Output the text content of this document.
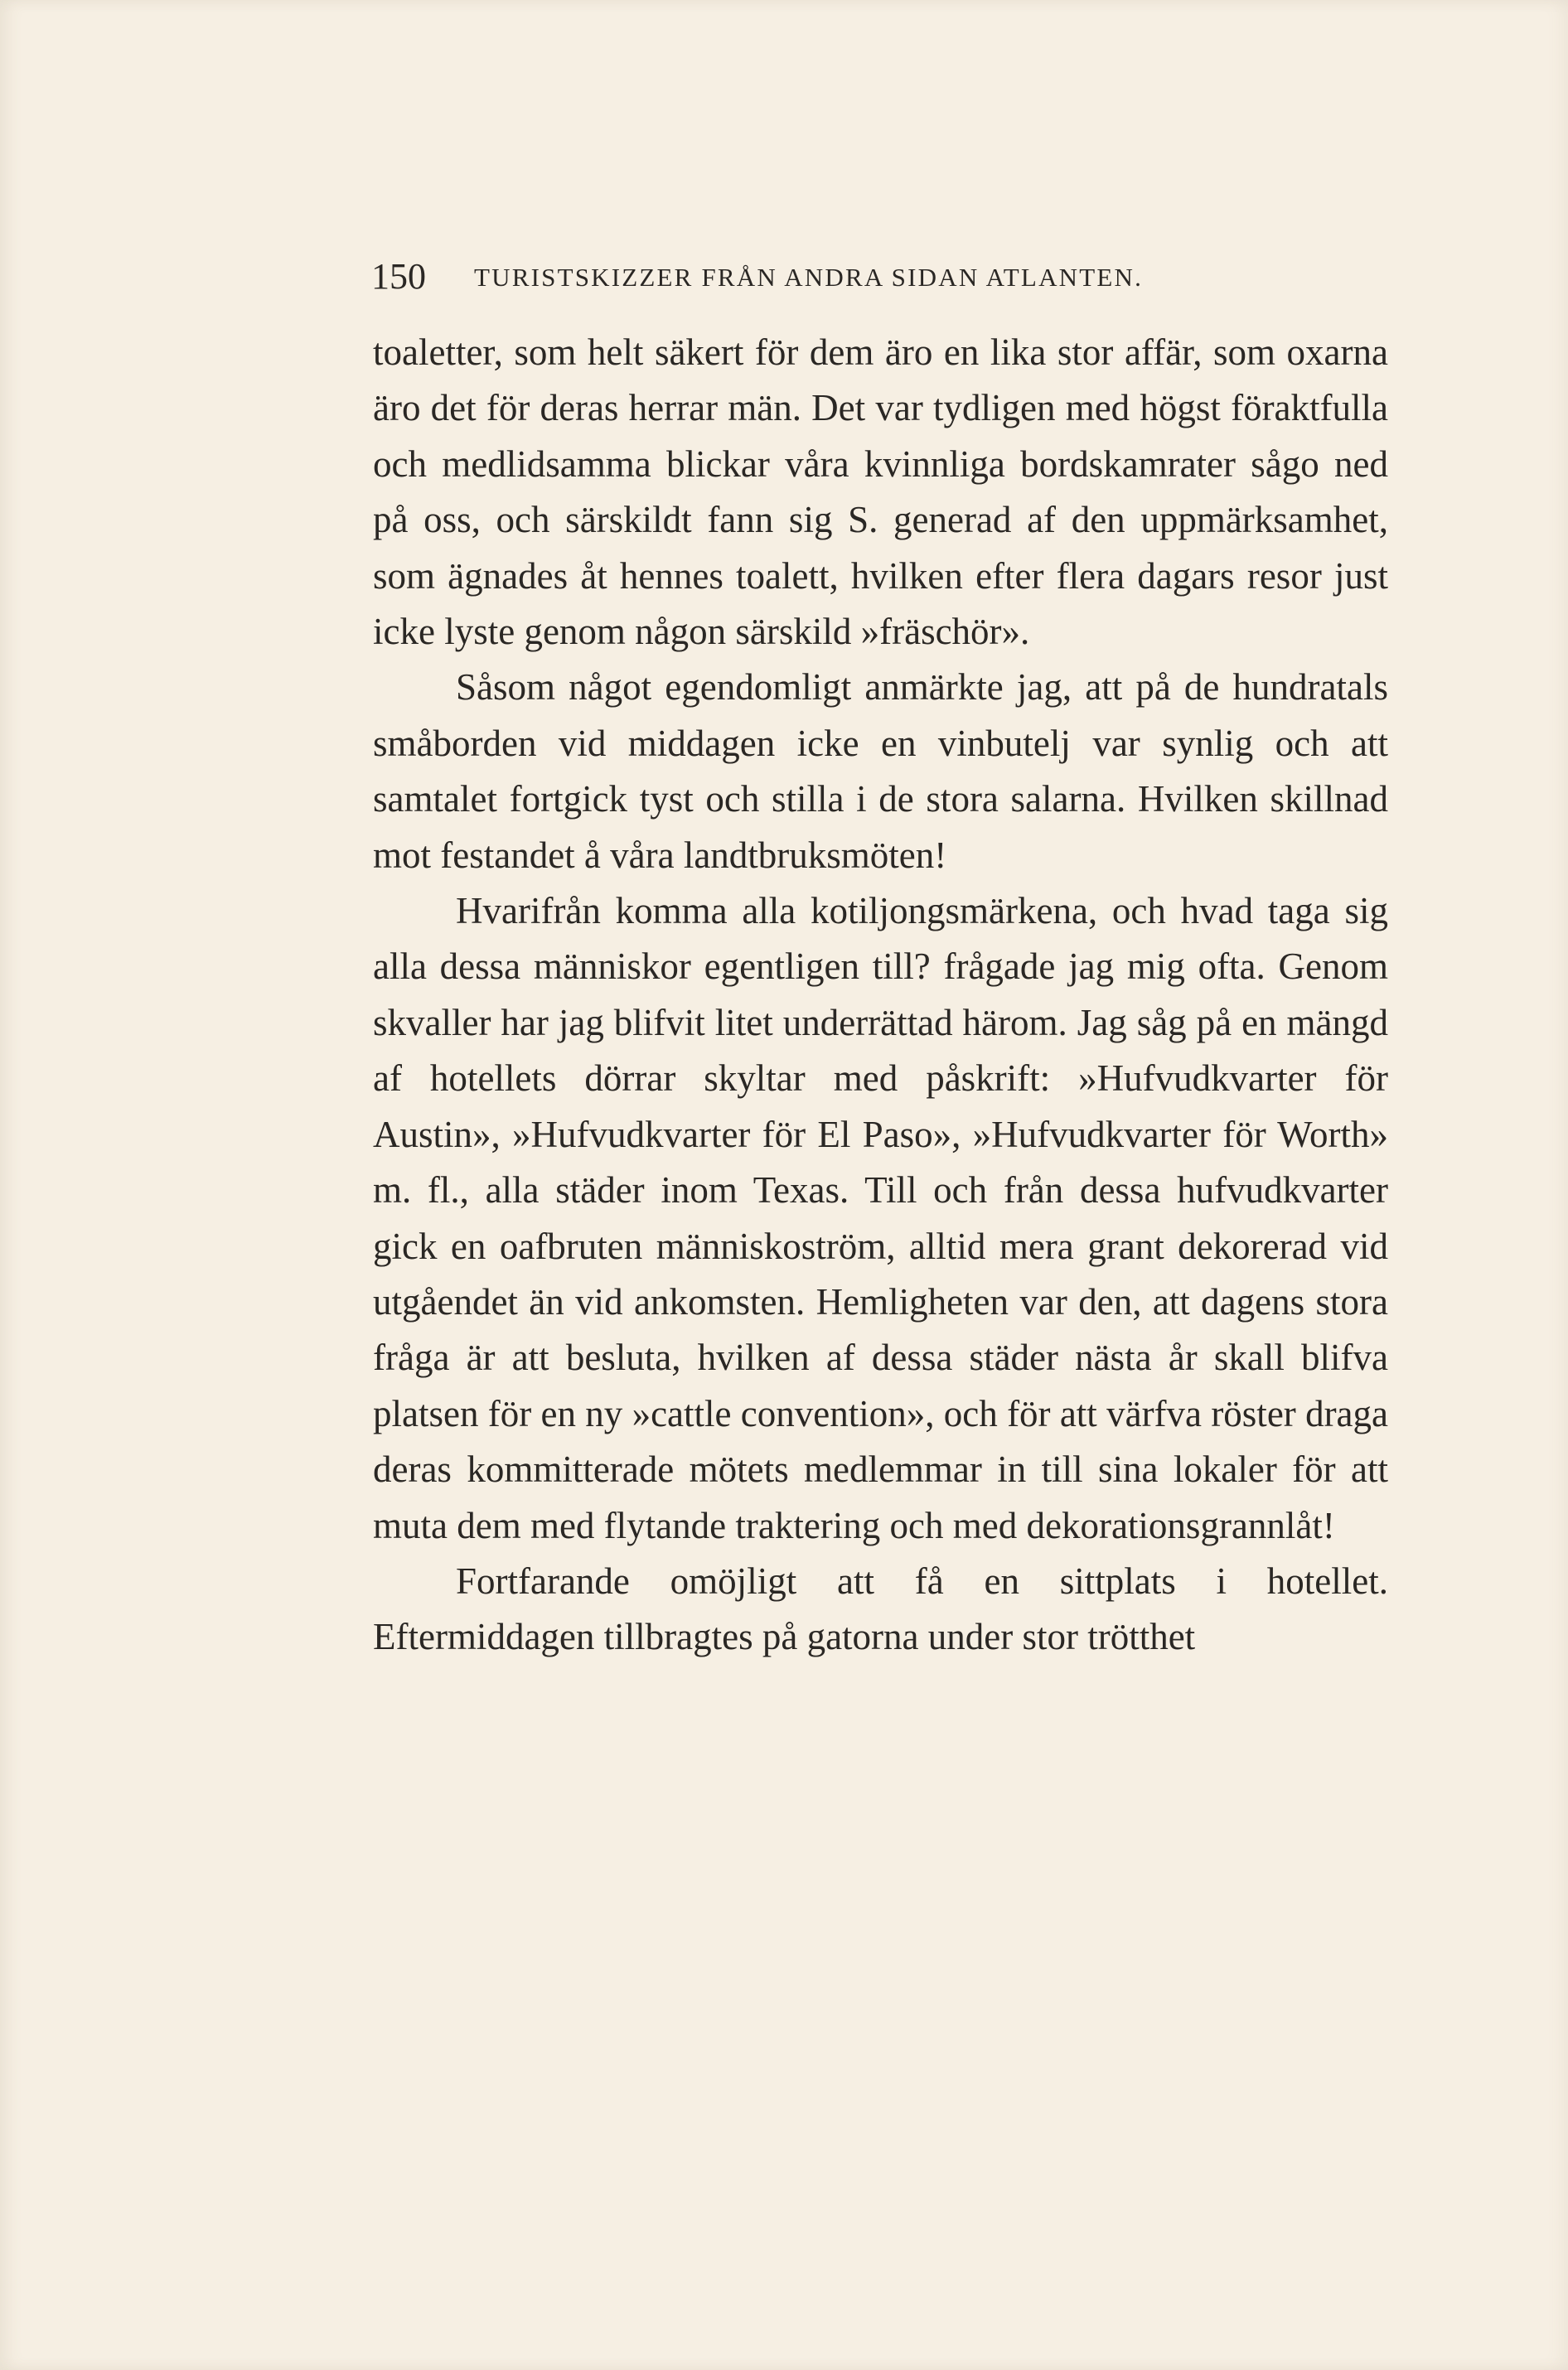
150 TURISTSKIZZER FRÅN ANDRA SIDAN ATLANTEN.

toaletter, som helt säkert för dem äro en lika stor affär, som oxarna äro det för deras herrar män. Det var tydligen med högst föraktfulla och medlidsamma blickar våra kvinnliga bordskamrater sågo ned på oss, och särskildt fann sig S. generad af den uppmärksamhet, som ägnades åt hennes toalett, hvilken efter flera dagars resor just icke lyste genom någon särskild »fräschör».

Såsom något egendomligt anmärkte jag, att på de hundratals småborden vid middagen icke en vinbutelj var synlig och att samtalet fortgick tyst och stilla i de stora salarna. Hvilken skillnad mot festandet å våra landtbruksmöten!

Hvarifrån komma alla kotiljongsmärkena, och hvad taga sig alla dessa människor egentligen till? frågade jag mig ofta. Genom skvaller har jag blifvit litet underrättad härom. Jag såg på en mängd af hotellets dörrar skyltar med påskrift: »Hufvudkvarter för Austin», »Hufvudkvarter för El Paso», »Hufvudkvarter för Worth» m. fl., alla städer inom Texas. Till och från dessa hufvudkvarter gick en oafbruten människoström, alltid mera grant dekorerad vid utgåendet än vid ankomsten. Hemligheten var den, att dagens stora fråga är att besluta, hvilken af dessa städer nästa år skall blifva platsen för en ny »cattle convention», och för att värfva röster draga deras kommitterade mötets medlemmar in till sina lokaler för att muta dem med flytande traktering och med dekorationsgrannlåt!

Fortfarande omöjligt att få en sittplats i hotellet. Eftermiddagen tillbragtes på gatorna under stor trötthet
